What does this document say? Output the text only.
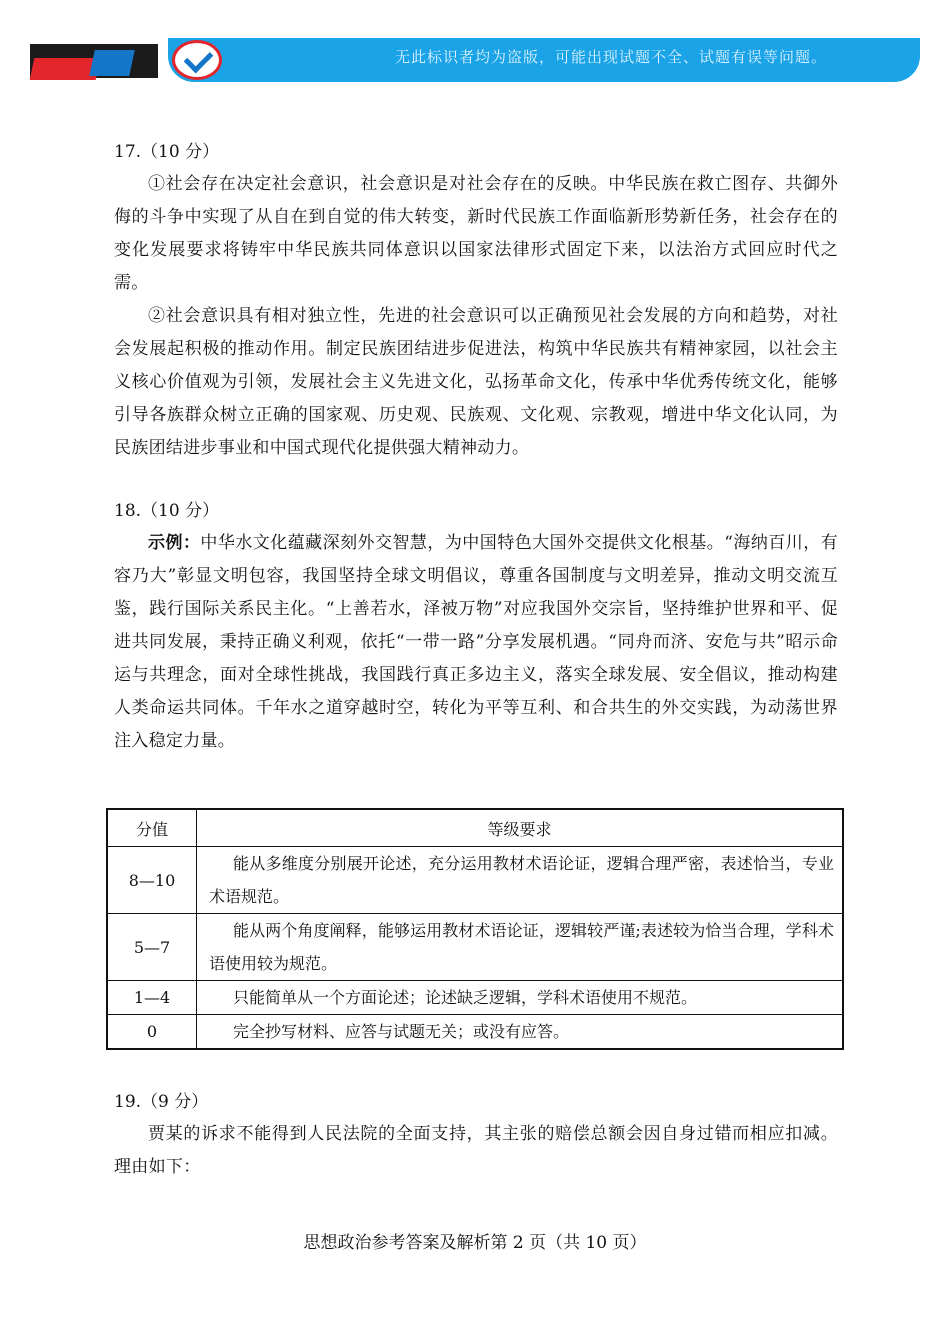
无此标识者均为盗版，可能出现试题不全、试题有误等问题。

17.（10 分）

①社会存在决定社会意识，社会意识是对社会存在的反映。中华民族在救亡图存、共御外侮的斗争中实现了从自在到自觉的伟大转变，新时代民族工作面临新形势新任务，社会存在的变化发展要求将铸牢中华民族共同体意识以国家法律形式固定下来，以法治方式回应时代之需。

②社会意识具有相对独立性，先进的社会意识可以正确预见社会发展的方向和趋势，对社会发展起积极的推动作用。制定民族团结进步促进法，构筑中华民族共有精神家园，以社会主义核心价值观为引领，发展社会主义先进文化，弘扬革命文化，传承中华优秀传统文化，能够引导各族群众树立正确的国家观、历史观、民族观、文化观、宗教观，增进中华文化认同，为民族团结进步事业和中国式现代化提供强大精神动力。

18.（10 分）

示例：中华水文化蕴藏深刻外交智慧，为中国特色大国外交提供文化根基。“海纳百川，有容乃大”彰显文明包容，我国坚持全球文明倡议，尊重各国制度与文明差异，推动文明交流互鉴，践行国际关系民主化。“上善若水，泽被万物”对应我国外交宗旨，坚持维护世界和平、促进共同发展，秉持正确义利观，依托“一带一路”分享发展机遇。“同舟而济、安危与共”昭示命运与共理念，面对全球性挑战，我国践行真正多边主义，落实全球发展、安全倡议，推动构建人类命运共同体。千年水之道穿越时空，转化为平等互利、和合共生的外交实践，为动荡世界注入稳定力量。

分值	等级要求
8—10	能从多维度分别展开论述，充分运用教材术语论证，逻辑合理严密，表述恰当，专业术语规范。
5—7	能从两个角度阐释，能够运用教材术语论证，逻辑较严谨;表述较为恰当合理，学科术语使用较为规范。
1—4	只能简单从一个方面论述；论述缺乏逻辑，学科术语使用不规范。
0	完全抄写材料、应答与试题无关；或没有应答。

19.（9 分）

贾某的诉求不能得到人民法院的全面支持，其主张的赔偿总额会因自身过错而相应扣减。理由如下：

思想政治参考答案及解析第 2 页（共 10 页）
